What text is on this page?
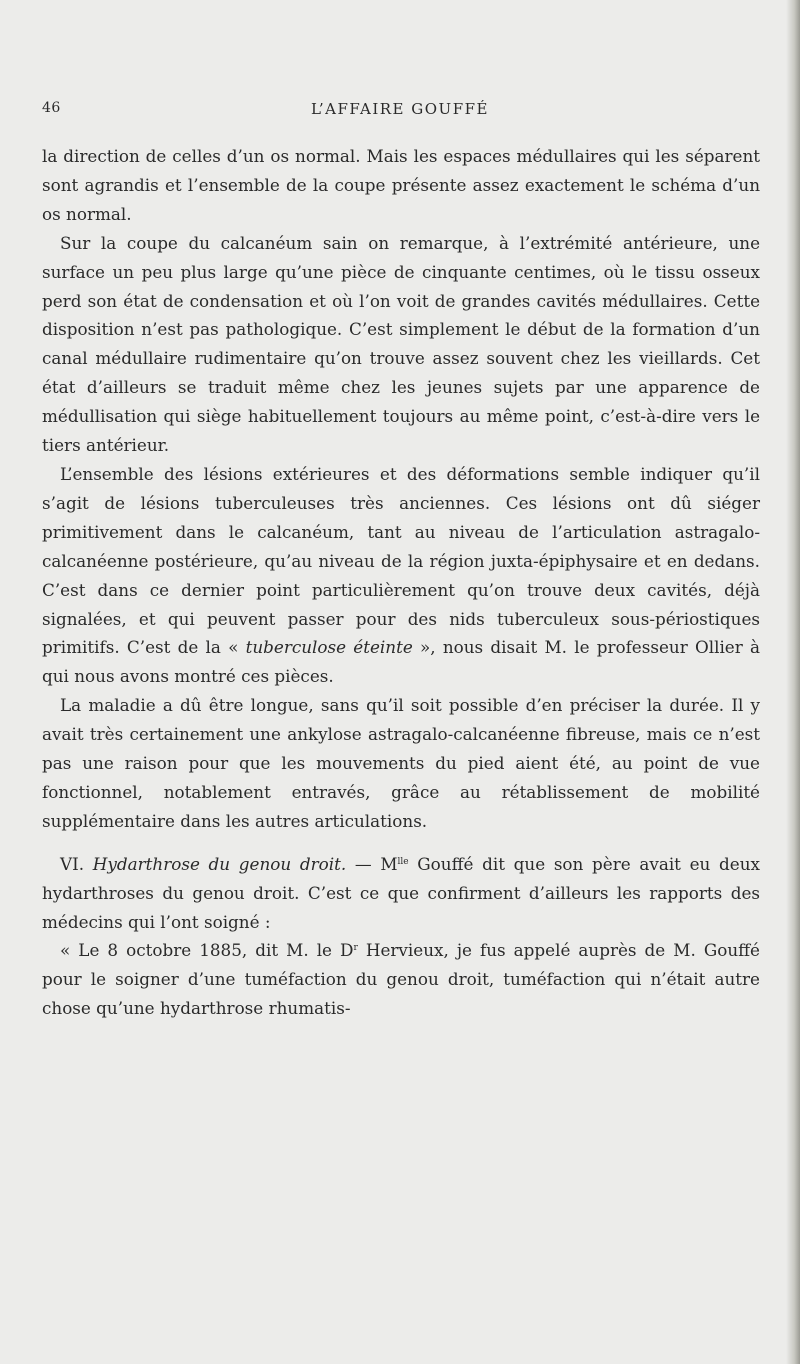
46	L’AFFAIRE GOUFFÉ

la direction de celles d’un os normal. Mais les espaces médullaires qui les séparent sont agrandis et l’ensemble de la coupe présente assez exactement le schéma d’un os normal.

Sur la coupe du calcanéum sain on remarque, à l’extrémité antérieure, une surface un peu plus large qu’une pièce de cinquante centimes, où le tissu osseux perd son état de condensation et où l’on voit de grandes cavités médullaires. Cette disposition n’est pas pathologique. C’est simplement le début de la formation d’un canal médullaire rudimentaire qu’on trouve assez souvent chez les vieillards. Cet état d’ailleurs se traduit même chez les jeunes sujets par une apparence de médullisation qui siège habituellement toujours au même point, c’est-à-dire vers le tiers antérieur.

L’ensemble des lésions extérieures et des déformations semble indiquer qu’il s’agit de lésions tuberculeuses très anciennes. Ces lésions ont dû siéger primitivement dans le calcanéum, tant au niveau de l’articulation astragalo-calcanéenne postérieure, qu’au niveau de la région juxta-épiphysaire et en dedans. C’est dans ce dernier point particulièrement qu’on trouve deux cavités, déjà signalées, et qui peuvent passer pour des nids tuberculeux sous-périostiques primitifs. C’est de la « tuberculose éteinte », nous disait M. le professeur Ollier à qui nous avons montré ces pièces.

La maladie a dû être longue, sans qu’il soit possible d’en préciser la durée. Il y avait très certainement une ankylose astragalo-calcanéenne fibreuse, mais ce n’est pas une raison pour que les mouvements du pied aient été, au point de vue fonctionnel, notablement entravés, grâce au rétablissement de mobilité supplémentaire dans les autres articulations.

VI. Hydarthrose du genou droit. — $M^{lle}$ Gouffé dit que son père avait eu deux hydarthroses du genou droit. C’est ce que confirment d’ailleurs les rapports des médecins qui l’ont soigné :

« Le 8 octobre 1885, dit M. le $D^r$ Hervieux, je fus appelé auprès de M. Gouffé pour le soigner d’une tuméfaction du genou droit, tuméfaction qui n’était autre chose qu’une hydarthrose rhumatis-
